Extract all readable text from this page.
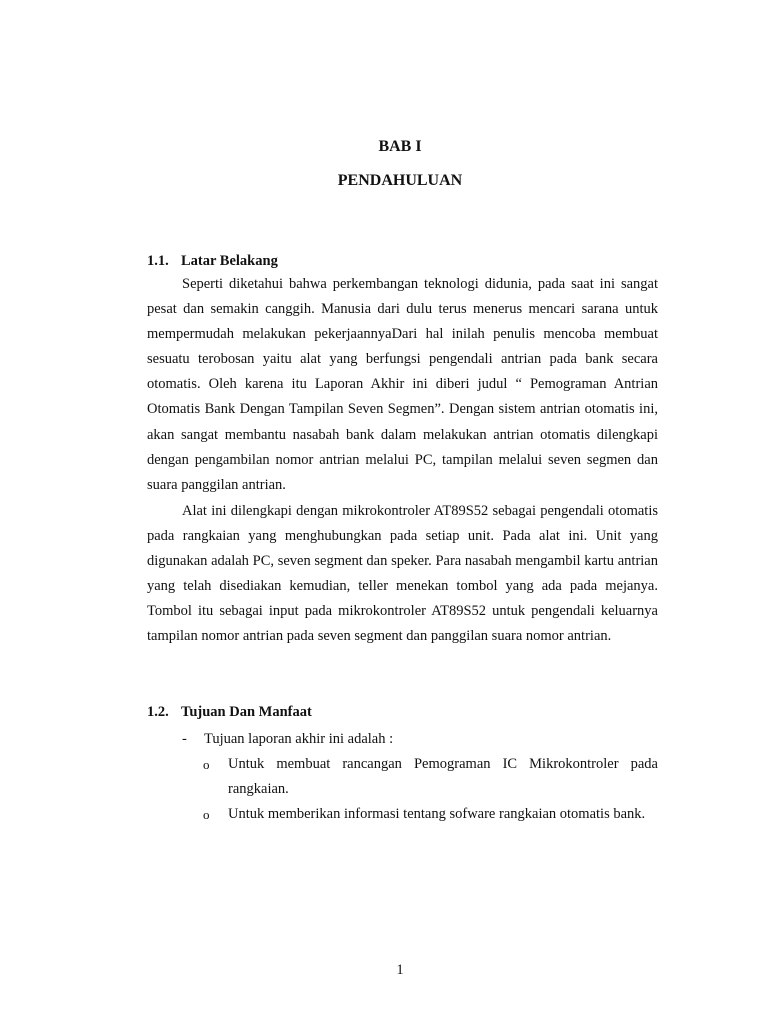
BAB I
PENDAHULUAN
1.1. Latar Belakang

Seperti diketahui bahwa perkembangan teknologi didunia, pada saat ini sangat pesat dan semakin canggih. Manusia dari dulu terus menerus mencari sarana untuk mempermudah melakukan pekerjaannyaDari hal inilah penulis mencoba membuat sesuatu terobosan yaitu alat yang berfungsi pengendali antrian pada bank secara otomatis. Oleh karena itu Laporan Akhir ini diberi judul “ Pemograman Antrian Otomatis Bank Dengan Tampilan Seven Segmen”. Dengan sistem antrian otomatis ini, akan sangat membantu nasabah bank dalam melakukan antrian otomatis dilengkapi dengan pengambilan nomor antrian melalui PC, tampilan melalui seven segmen dan suara panggilan antrian.

Alat ini dilengkapi dengan mikrokontroler AT89S52 sebagai pengendali otomatis pada rangkaian yang menghubungkan pada setiap unit. Pada alat ini. Unit yang digunakan adalah PC, seven segment dan speker. Para nasabah mengambil kartu antrian yang telah disediakan kemudian, teller menekan tombol yang ada pada mejanya. Tombol itu sebagai input pada mikrokontroler AT89S52 untuk pengendali keluarnya tampilan nomor antrian pada seven segment dan panggilan suara nomor antrian.

1.2. Tujuan Dan Manfaat
- Tujuan laporan akhir ini adalah :
o Untuk membuat rancangan Pemograman IC Mikrokontroler pada rangkaian.
o Untuk memberikan informasi tentang sofware rangkaian otomatis bank.
1
